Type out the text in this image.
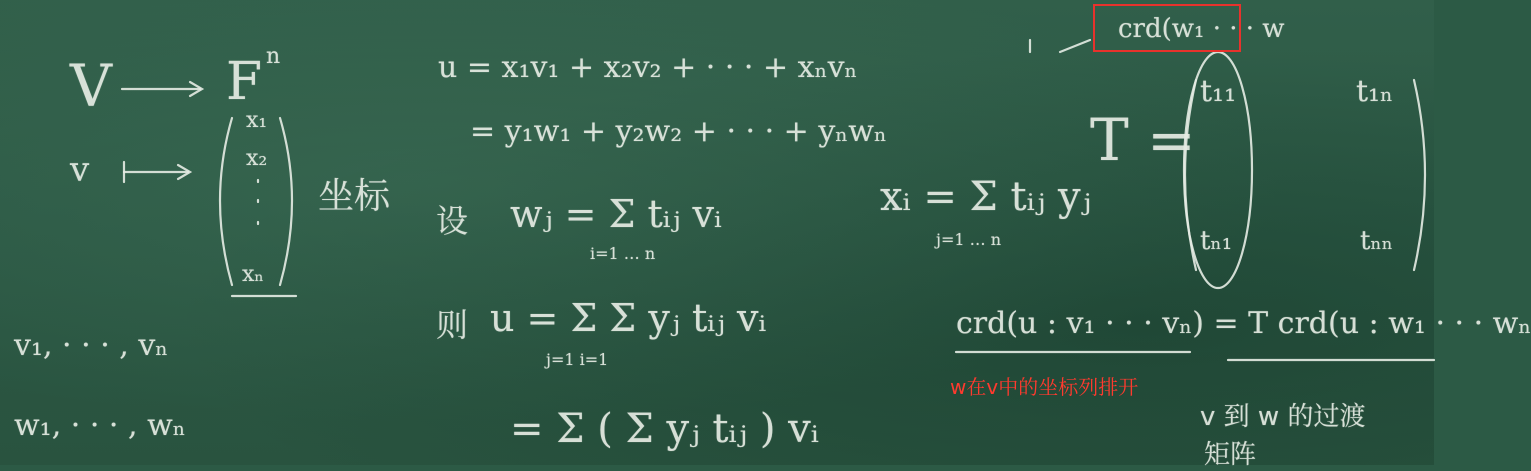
V F n
v
x₁
x₂
xₙ
坐标
v₁, · · · , vₙ
w₁, · · · , wₙ
u = x₁v₁ + x₂v₂ + · · · + xₙvₙ
= y₁w₁ + y₂w₂ + · · · + yₙwₙ
设 wⱼ = Σ tᵢⱼ vᵢ
i=1 … n
则 u = Σ Σ yⱼ tᵢⱼ vᵢ
j=1 i=1
= Σ ( Σ yⱼ tᵢⱼ ) vᵢ
xᵢ = Σ tᵢⱼ yⱼ
j=1 … n
crd(w₁ · · · w
T =
t₁₁	t₁ₙ
tₙ₁	tₙₙ
crd(u : v₁ · · · vₙ) = T crd(u : w₁ · · · wₙ
v 到 w 的过渡
矩阵
w在v中的坐标列排开
